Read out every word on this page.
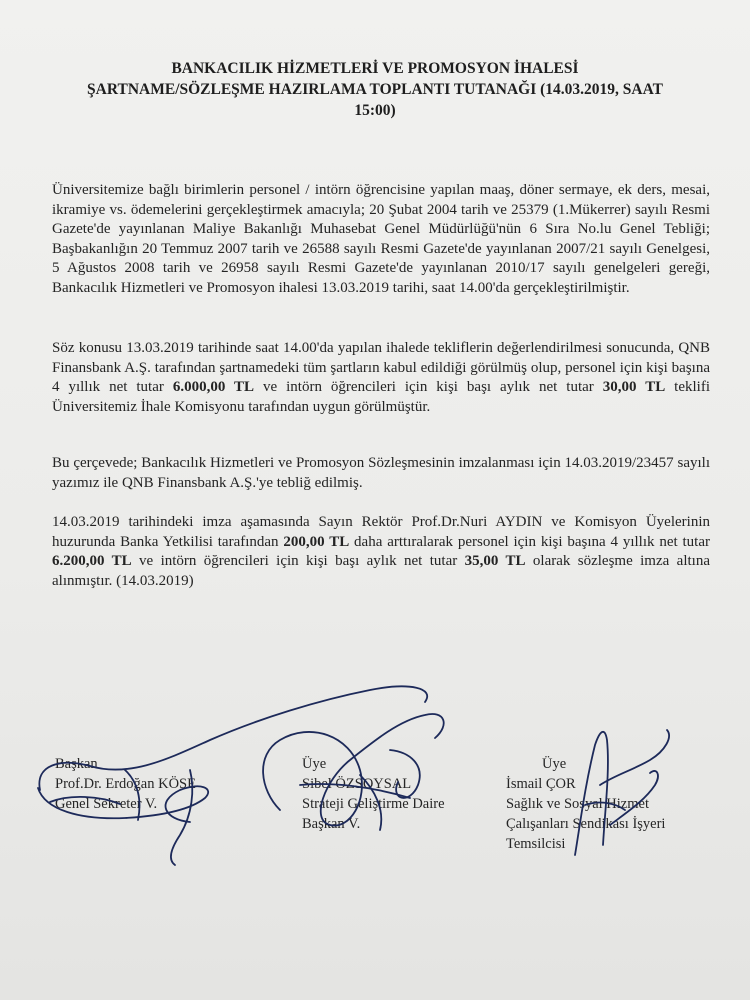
BANKACILIK HİZMETLERİ VE PROMOSYON İHALESİ
ŞARTNAME/SÖZLEŞME HAZIRLAMA TOPLANTI TUTANAĞI (14.03.2019, SAAT
15:00)
Üniversitemize bağlı birimlerin personel / intörn öğrencisine yapılan maaş, döner sermaye, ek ders, mesai, ikramiye vs. ödemelerini gerçekleştirmek amacıyla; 20 Şubat 2004 tarih ve 25379 (1.Mükerrer) sayılı Resmi Gazete'de yayınlanan Maliye Bakanlığı Muhasebat Genel Müdürlüğü'nün 6 Sıra No.lu Genel Tebliği; Başbakanlığın 20 Temmuz 2007 tarih ve 26588 sayılı Resmi Gazete'de yayınlanan 2007/21 sayılı Genelgesi, 5 Ağustos 2008 tarih ve 26958 sayılı Resmi Gazete'de yayınlanan 2010/17 sayılı genelgeleri gereği, Bankacılık Hizmetleri ve Promosyon ihalesi 13.03.2019 tarihi, saat 14.00'da gerçekleştirilmiştir.
Söz konusu 13.03.2019 tarihinde saat 14.00'da yapılan ihalede tekliflerin değerlendirilmesi sonucunda, QNB Finansbank A.Ş. tarafından şartnamedeki tüm şartların kabul edildiği görülmüş olup, personel için kişi başına 4 yıllık net tutar 6.000,00 TL ve intörn öğrencileri için kişi başı aylık net tutar 30,00 TL teklifi Üniversitemiz İhale Komisyonu tarafından uygun görülmüştür.
Bu çerçevede; Bankacılık Hizmetleri ve Promosyon Sözleşmesinin imzalanması için 14.03.2019/23457 sayılı yazımız ile QNB Finansbank A.Ş.'ye tebliğ edilmiş.
14.03.2019 tarihindeki imza aşamasında Sayın Rektör Prof.Dr.Nuri AYDIN ve Komisyon Üyelerinin huzurunda Banka Yetkilisi tarafından 200,00 TL daha arttıralarak personel için kişi başına 4 yıllık net tutar 6.200,00 TL ve intörn öğrencileri için kişi başı aylık net tutar 35,00 TL olarak sözleşme imza altına alınmıştır. (14.03.2019)
Başkan
Prof.Dr. Erdoğan KÖSE
Genel Sekreter V.
Üye
Sibel ÖZSOYSAL
Strateji Geliştirme Daire
Başkan V.
Üye
İsmail ÇOR
Sağlık ve Sosyal Hizmet
Çalışanları Sendikası İşyeri
Temsilcisi
